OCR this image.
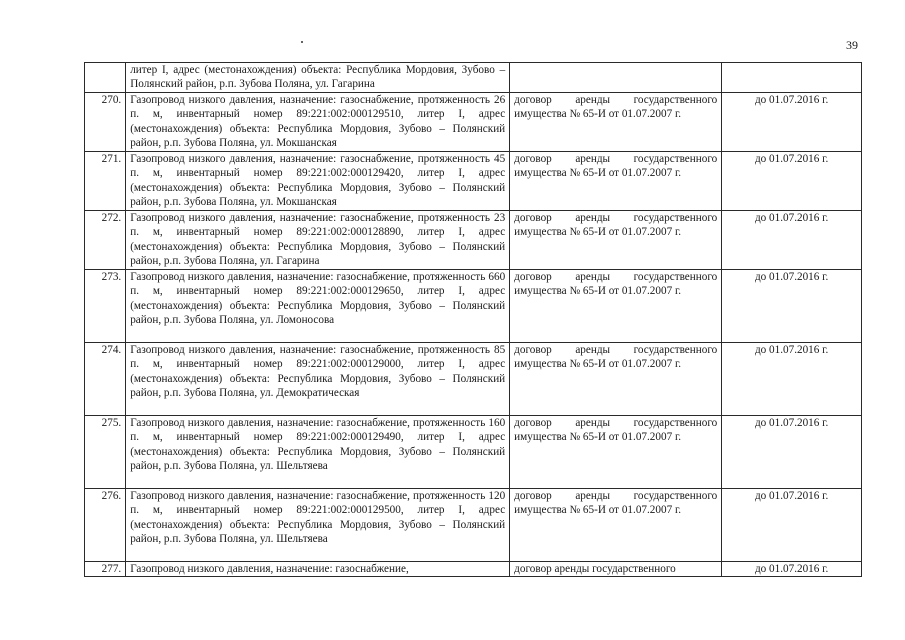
39
	литер I, адрес (местонахождения) объекта: Республика Мордовия, Зубово – Полянский район, р.п. Зубова Поляна, ул. Гагарина		
270.	Газопровод низкого давления, назначение: газоснабжение, протяженность 26 п. м, инвентарный номер 89:221:002:000129510, литер I, адрес (местонахождения) объекта: Республика Мордовия, Зубово – Полянский район, р.п. Зубова Поляна, ул. Мокшанская	договор аренды государственного имущества № 65-И от 01.07.2007 г.	до 01.07.2016 г.
271.	Газопровод низкого давления, назначение: газоснабжение, протяженность 45 п. м, инвентарный номер 89:221:002:000129420, литер I, адрес (местонахождения) объекта: Республика Мордовия, Зубово – Полянский район, р.п. Зубова Поляна, ул. Мокшанская	договор аренды государственного имущества № 65-И от 01.07.2007 г.	до 01.07.2016 г.
272.	Газопровод низкого давления, назначение: газоснабжение, протяженность 23 п. м, инвентарный номер 89:221:002:000128890, литер I, адрес (местонахождения) объекта: Республика Мордовия, Зубово – Полянский район, р.п. Зубова Поляна, ул. Гагарина	договор аренды государственного имущества № 65-И от 01.07.2007 г.	до 01.07.2016 г.
273.	Газопровод низкого давления, назначение: газоснабжение, протяженность 660 п. м, инвентарный номер 89:221:002:000129650, литер I, адрес (местонахождения) объекта: Республика Мордовия, Зубово – Полянский район, р.п. Зубова Поляна, ул. Ломоносова	договор аренды государственного имущества № 65-И от 01.07.2007 г.	до 01.07.2016 г.
274.	Газопровод низкого давления, назначение: газоснабжение, протяженность 85 п. м, инвентарный номер 89:221:002:000129000, литер I, адрес (местонахождения) объекта: Республика Мордовия, Зубово – Полянский район, р.п. Зубова Поляна, ул. Демократическая	договор аренды государственного имущества № 65-И от 01.07.2007 г.	до 01.07.2016 г.
275.	Газопровод низкого давления, назначение: газоснабжение, протяженность 160 п. м, инвентарный номер 89:221:002:000129490, литер I, адрес (местонахождения) объекта: Республика Мордовия, Зубово – Полянский район, р.п. Зубова Поляна, ул. Шельтяева	договор аренды государственного имущества № 65-И от 01.07.2007 г.	до 01.07.2016 г.
276.	Газопровод низкого давления, назначение: газоснабжение, протяженность 120 п. м, инвентарный номер 89:221:002:000129500, литер I, адрес (местонахождения) объекта: Республика Мордовия, Зубово – Полянский район, р.п. Зубова Поляна, ул. Шельтяева	договор аренды государственного имущества № 65-И от 01.07.2007 г.	до 01.07.2016 г.
277.	Газопровод низкого давления, назначение: газоснабжение,	договор аренды государственного	до 01.07.2016 г.
